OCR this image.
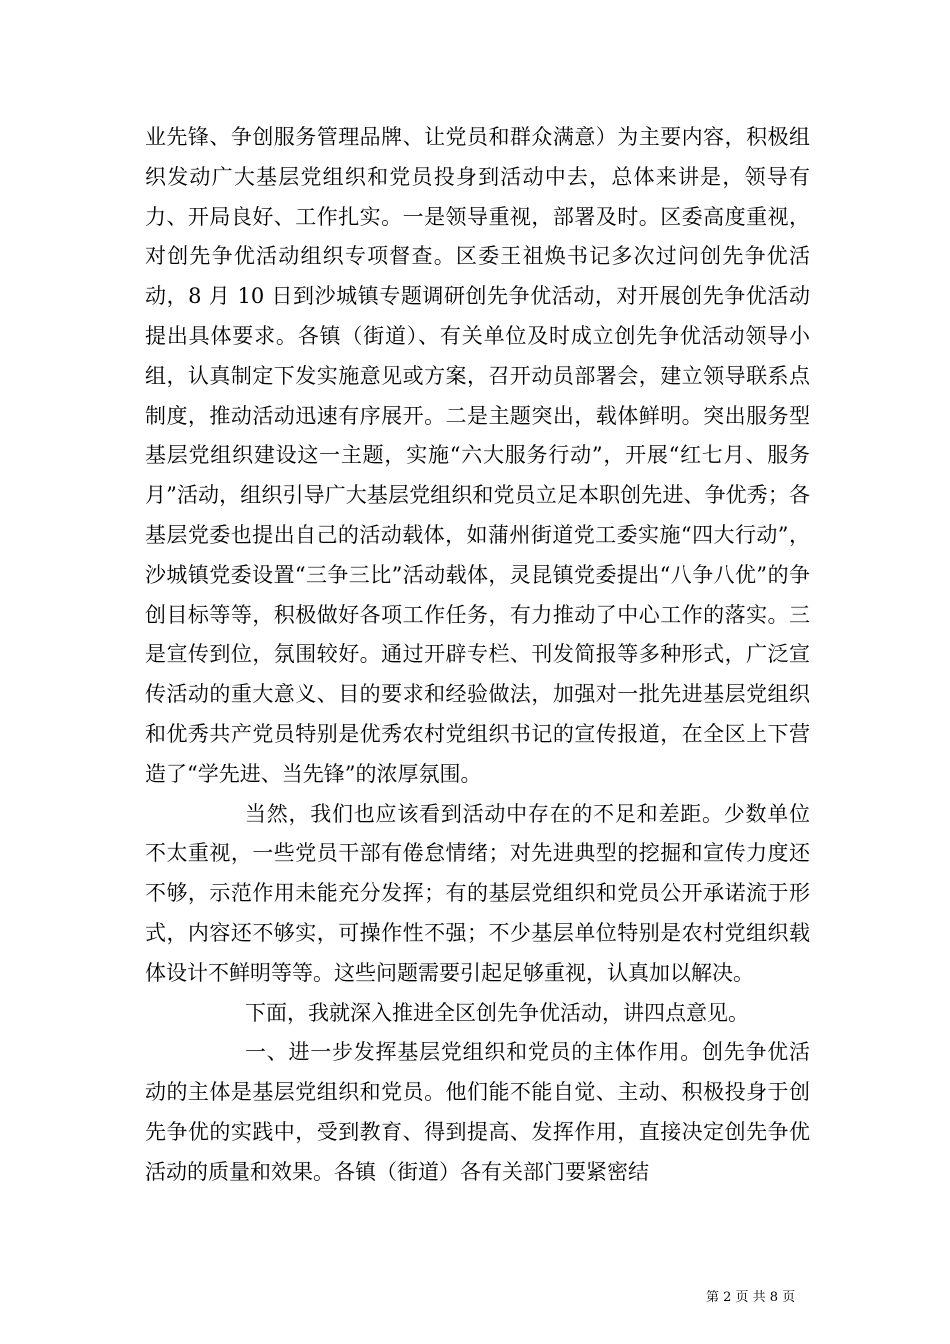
业先锋、争创服务管理品牌、让党员和群众满意）为主要内容，积极组织发动广大基层党组织和党员投身到活动中去，总体来讲是，领导有力、开局良好、工作扎实。一是领导重视，部署及时。区委高度重视，对创先争优活动组织专项督查。区委王祖焕书记多次过问创先争优活动，8 月 10 日到沙城镇专题调研创先争优活动，对开展创先争优活动提出具体要求。各镇（街道）、有关单位及时成立创先争优活动领导小组，认真制定下发实施意见或方案，召开动员部署会，建立领导联系点制度，推动活动迅速有序展开。二是主题突出，载体鲜明。突出服务型基层党组织建设这一主题，实施“六大服务行动”，开展“红七月、服务月”活动，组织引导广大基层党组织和党员立足本职创先进、争优秀；各基层党委也提出自己的活动载体，如蒲州街道党工委实施“四大行动”，沙城镇党委设置“三争三比”活动载体，灵昆镇党委提出“八争八优”的争创目标等等，积极做好各项工作任务，有力推动了中心工作的落实。三是宣传到位，氛围较好。通过开辟专栏、刊发简报等多种形式，广泛宣传活动的重大意义、目的要求和经验做法，加强对一批先进基层党组织和优秀共产党员特别是优秀农村党组织书记的宣传报道，在全区上下营造了“学先进、当先锋”的浓厚氛围。

当然，我们也应该看到活动中存在的不足和差距。少数单位不太重视，一些党员干部有倦怠情绪；对先进典型的挖掘和宣传力度还不够，示范作用未能充分发挥；有的基层党组织和党员公开承诺流于形式，内容还不够实，可操作性不强；不少基层单位特别是农村党组织载体设计不鲜明等等。这些问题需要引起足够重视，认真加以解决。

下面，我就深入推进全区创先争优活动，讲四点意见。

一、进一步发挥基层党组织和党员的主体作用。创先争优活动的主体是基层党组织和党员。他们能不能自觉、主动、积极投身于创先争优的实践中，受到教育、得到提高、发挥作用，直接决定创先争优活动的质量和效果。各镇（街道）各有关部门要紧密结

第 2 页 共 8 页
